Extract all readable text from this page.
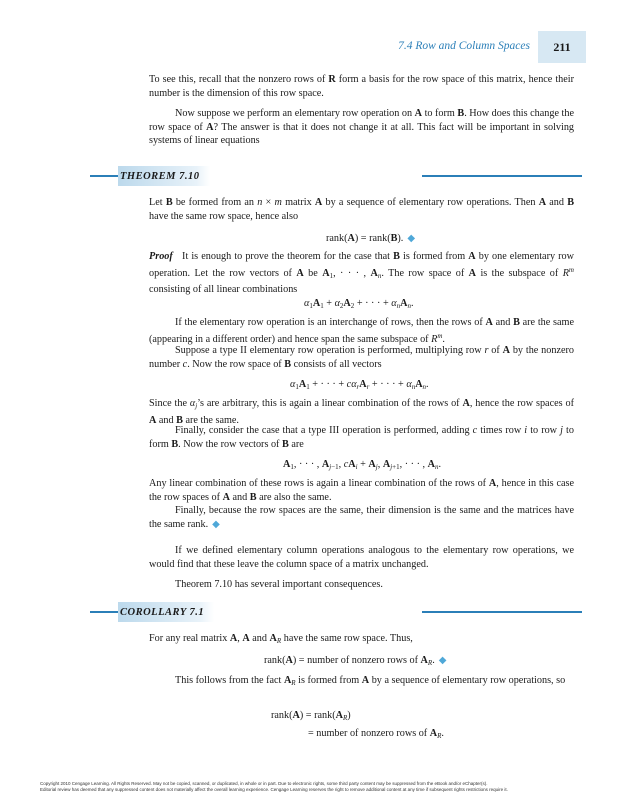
7.4 Row and Column Spaces	211

To see this, recall that the nonzero rows of R form a basis for the row space of this matrix, hence their number is the dimension of this row space.

Now suppose we perform an elementary row operation on A to form B. How does this change the row space of A? The answer is that it does not change it at all. This fact will be important in solving systems of linear equations

THEOREM 7.10

Let B be formed from an n × m matrix A by a sequence of elementary row operations. Then A and B have the same row space, hence also

rank(A) = rank(B). ◆

Proof   It is enough to prove the theorem for the case that B is formed from A by one elementary row operation. Let the row vectors of A be $A_1$, · · · , $A_n$. The row space of A is the subspace of $R^m$ consisting of all linear combinations

$\alpha_1A_1 + \alpha_2A_2$ + · · · + $\alpha_nA_n$.

If the elementary row operation is an interchange of rows, then the rows of A and B are the same (appearing in a different order) and hence span the same subspace of $R^m$.

Suppose a type II elementary row operation is performed, multiplying row r of A by the nonzero number c. Now the row space of B consists of all vectors

$\alpha_1A_1$ + · · · + $c\alpha_rA_r$ + · · · + $\alpha_nA_n$.

Since the $\alpha_j’s$ are arbitrary, this is again a linear combination of the rows of A, hence the row spaces of A and B are the same.

Finally, consider the case that a type III operation is performed, adding c times row i to row j to form B. Now the row vectors of B are

$A_1$, · · · , $A_{j-1}$, $cA_i + A_j$, $A_{j+1}$, · · · , $A_n$.

Any linear combination of these rows is again a linear combination of the rows of A, hence in this case the row spaces of A and B are also the same.

Finally, because the row spaces are the same, their dimension is the same and the matrices have the same rank. ◆

If we defined elementary column operations analogous to the elementary row operations, we would find that these leave the column space of a matrix unchanged.

Theorem 7.10 has several important consequences.

COROLLARY 7.1

For any real matrix A, A and $A_R$ have the same row space. Thus,

rank(A) = number of nonzero rows of $A_R$. ◆

This follows from the fact $A_R$ is formed from A by a sequence of elementary row operations, so

rank(A) = $rank(A_R)$
= number of nonzero rows of $A_R$.
Copyright 2010 Cengage Learning. All Rights Reserved. May not be copied, scanned, or duplicated, in whole or in part. Due to electronic rights, some third party content may be suppressed from the eBook and/or eChapter(s).
Editorial review has deemed that any suppressed content does not materially affect the overall learning experience. Cengage Learning reserves the right to remove additional content at any time if subsequent rights restrictions require it.
